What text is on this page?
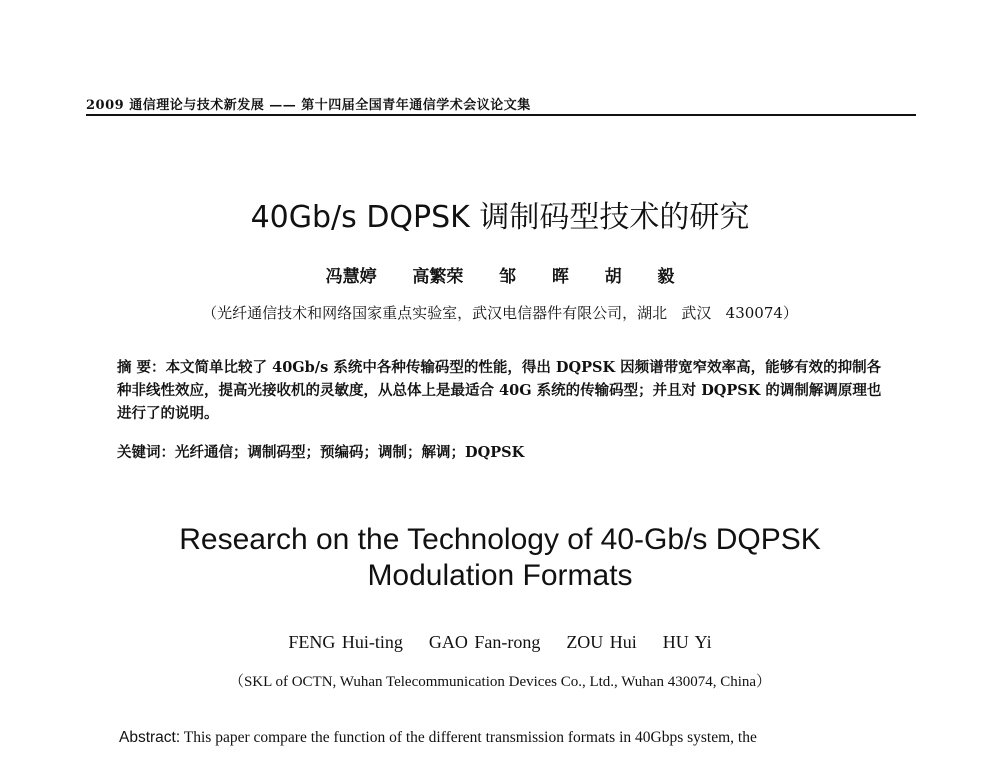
2009 通信理论与技术新发展 —— 第十四届全国青年通信学术会议论文集
40Gb/s DQPSK 调制码型技术的研究
冯慧婷   高繁荣   邹   晖   胡   毅
（光纤通信技术和网络国家重点实验室，武汉电信器件有限公司，湖北   武汉   430074）
摘 要：本文简单比较了 40Gb/s 系统中各种传输码型的性能，得出 DQPSK 因频谱带宽窄效率高，能够有效的抑制各种非线性效应，提高光接收机的灵敏度，从总体上是最适合 40G 系统的传输码型；并且对 DQPSK 的调制解调原理也进行了的说明。
关键词：光纤通信；调制码型；预编码；调制；解调；DQPSK
Research on the Technology of 40-Gb/s DQPSK
Modulation Formats
FENG Hui-ting    GAO Fan-rong    ZOU Hui    HU Yi
（SKL of OCTN, Wuhan Telecommunication Devices Co., Ltd., Wuhan 430074, China）
Abstract: This paper compare the function of the different transmission formats in 40Gbps system, the
